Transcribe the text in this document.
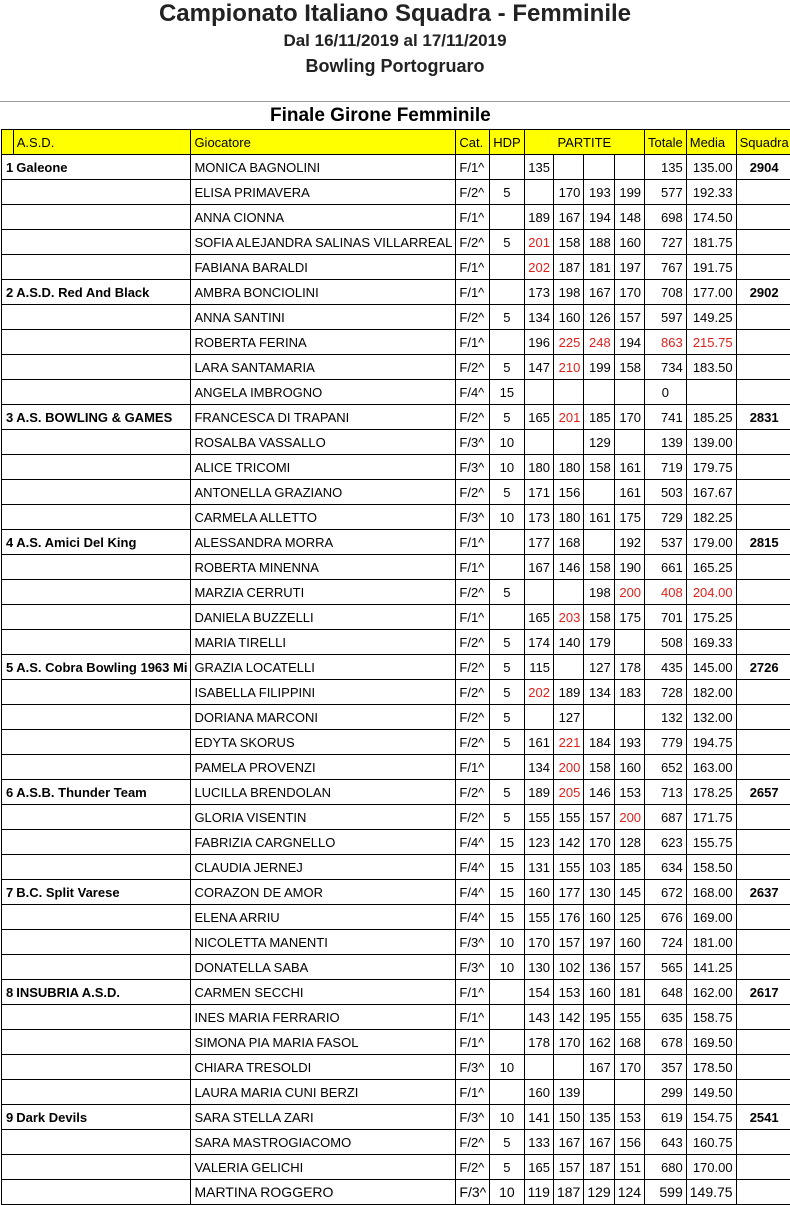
Campionato Italiano Squadra - Femminile
Dal 16/11/2019 al 17/11/2019
Bowling Portogruaro
Finale Girone Femminile
	A.S.D.	Giocatore	Cat.	HDP	PARTITE				Totale	Media	Squadra
1	Galeone	MONICA BAGNOLINI	F/1^		135				135	135.00	2904
		ELISA PRIMAVERA	F/2^	5		170	193	199	577	192.33	
		ANNA CIONNA	F/1^		189	167	194	148	698	174.50	
		SOFIA ALEJANDRA SALINAS VILLARREAL	F/2^	5	201	158	188	160	727	181.75	
		FABIANA BARALDI	F/1^		202	187	181	197	767	191.75	
2	A.S.D. Red And Black	AMBRA BONCIOLINI	F/1^		173	198	167	170	708	177.00	2902
		ANNA SANTINI	F/2^	5	134	160	126	157	597	149.25	
		ROBERTA FERINA	F/1^		196	225	248	194	863	215.75	
		LARA SANTAMARIA	F/2^	5	147	210	199	158	734	183.50	
		ANGELA IMBROGNO	F/4^	15					0		
3	A.S. BOWLING & GAMES	FRANCESCA DI TRAPANI	F/2^	5	165	201	185	170	741	185.25	2831
		ROSALBA VASSALLO	F/3^	10			129		139	139.00	
		ALICE TRICOMI	F/3^	10	180	180	158	161	719	179.75	
		ANTONELLA GRAZIANO	F/2^	5	171	156		161	503	167.67	
		CARMELA ALLETTO	F/3^	10	173	180	161	175	729	182.25	
4	A.S. Amici Del King	ALESSANDRA MORRA	F/1^		177	168		192	537	179.00	2815
		ROBERTA MINENNA	F/1^		167	146	158	190	661	165.25	
		MARZIA CERRUTI	F/2^	5			198	200	408	204.00	
		DANIELA BUZZELLI	F/1^		165	203	158	175	701	175.25	
		MARIA TIRELLI	F/2^	5	174	140	179		508	169.33	
5	A.S. Cobra Bowling 1963 Mi	GRAZIA LOCATELLI	F/2^	5	115		127	178	435	145.00	2726
		ISABELLA FILIPPINI	F/2^	5	202	189	134	183	728	182.00	
		DORIANA MARCONI	F/2^	5		127			132	132.00	
		EDYTA SKORUS	F/2^	5	161	221	184	193	779	194.75	
		PAMELA PROVENZI	F/1^		134	200	158	160	652	163.00	
6	A.S.B. Thunder Team	LUCILLA BRENDOLAN	F/2^	5	189	205	146	153	713	178.25	2657
		GLORIA VISENTIN	F/2^	5	155	155	157	200	687	171.75	
		FABRIZIA CARGNELLO	F/4^	15	123	142	170	128	623	155.75	
		CLAUDIA JERNEJ	F/4^	15	131	155	103	185	634	158.50	
7	B.C. Split Varese	CORAZON DE AMOR	F/4^	15	160	177	130	145	672	168.00	2637
		ELENA ARRIU	F/4^	15	155	176	160	125	676	169.00	
		NICOLETTA MANENTI	F/3^	10	170	157	197	160	724	181.00	
		DONATELLA SABA	F/3^	10	130	102	136	157	565	141.25	
8	INSUBRIA A.S.D.	CARMEN SECCHI	F/1^		154	153	160	181	648	162.00	2617
		INES MARIA FERRARIO	F/1^		143	142	195	155	635	158.75	
		SIMONA PIA MARIA FASOL	F/1^		178	170	162	168	678	169.50	
		CHIARA TRESOLDI	F/3^	10			167	170	357	178.50	
		LAURA MARIA CUNI BERZI	F/1^		160	139			299	149.50	
9	Dark Devils	SARA STELLA ZARI	F/3^	10	141	150	135	153	619	154.75	2541
		SARA MASTROGIACOMO	F/2^	5	133	167	167	156	643	160.75	
		VALERIA GELICHI	F/2^	5	165	157	187	151	680	170.00	
		MARTINA ROGGERO	F/3^	10	119	187	129	124	599	149.75	
